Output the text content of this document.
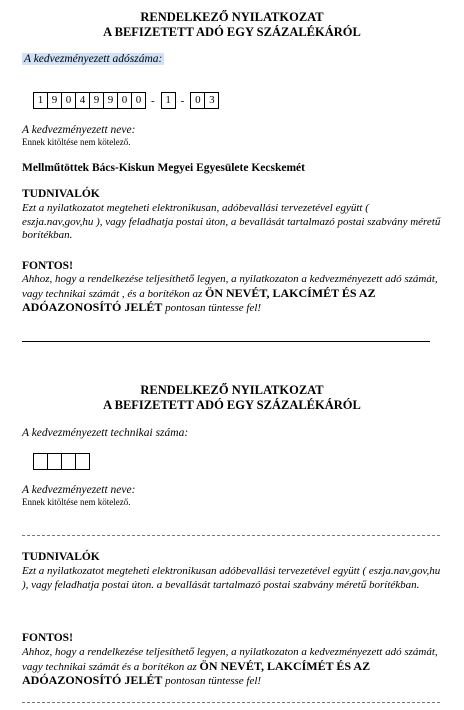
RENDELKEZŐ NYILATKOZAT
A BEFIZETETT ADÓ EGY SZÁZALÉKÁRÓL
A kedvezményezett adószáma:
1 9 0 4 9 9 0 0 - 1 - 0 3
A kedvezményezett neve:
Ennek kitöltése nem kötelező.
Mellműtöttek Bács-Kiskun Megyei Egyesülete Kecskemét
TUDNIVALÓK
Ezt a nyilatkozatot megteheti elektronikusan, adóbevallási tervezetével együtt ( eszja.nav,gov,hu ), vagy feladhatja postai úton, a bevallását tartalmazó postai szabvány méretű borítékban.
FONTOS!
Ahhoz, hogy a rendelkezése teljesíthető legyen, a nyilatkozaton a kedvezményezett adó számát, vagy technikai számát , és a borítékon az ÖN NEVÉT, LAKCÍMÉT ÉS AZ ADÓAZONOSÍTÓ JELÉT pontosan tüntesse fel!
RENDELKEZŐ NYILATKOZAT
A BEFIZETETT ADÓ EGY SZÁZALÉKÁRÓL
A kedvezményezett technikai száma:
A kedvezményezett neve:
Ennek kitöltése nem kötelező.
TUDNIVALÓK
Ezt a nyilatkozatot megteheti elektronikusan adóbevallási tervezetével együtt ( eszja.nav,gov,hu ), vagy feladhatja postai úton. a bevallását tartalmazó postai szabvány méretű borítékban.
FONTOS!
Ahhoz, hogy a rendelkezése teljesíthető legyen, a nyilatkozaton a kedvezményezett adó számát, vagy technikai számát és a borítékon az ÖN NEVÉT, LAKCÍMÉT ÉS AZ ADÓAZONOSÍTÓ JELÉT pontosan tüntesse fel!
